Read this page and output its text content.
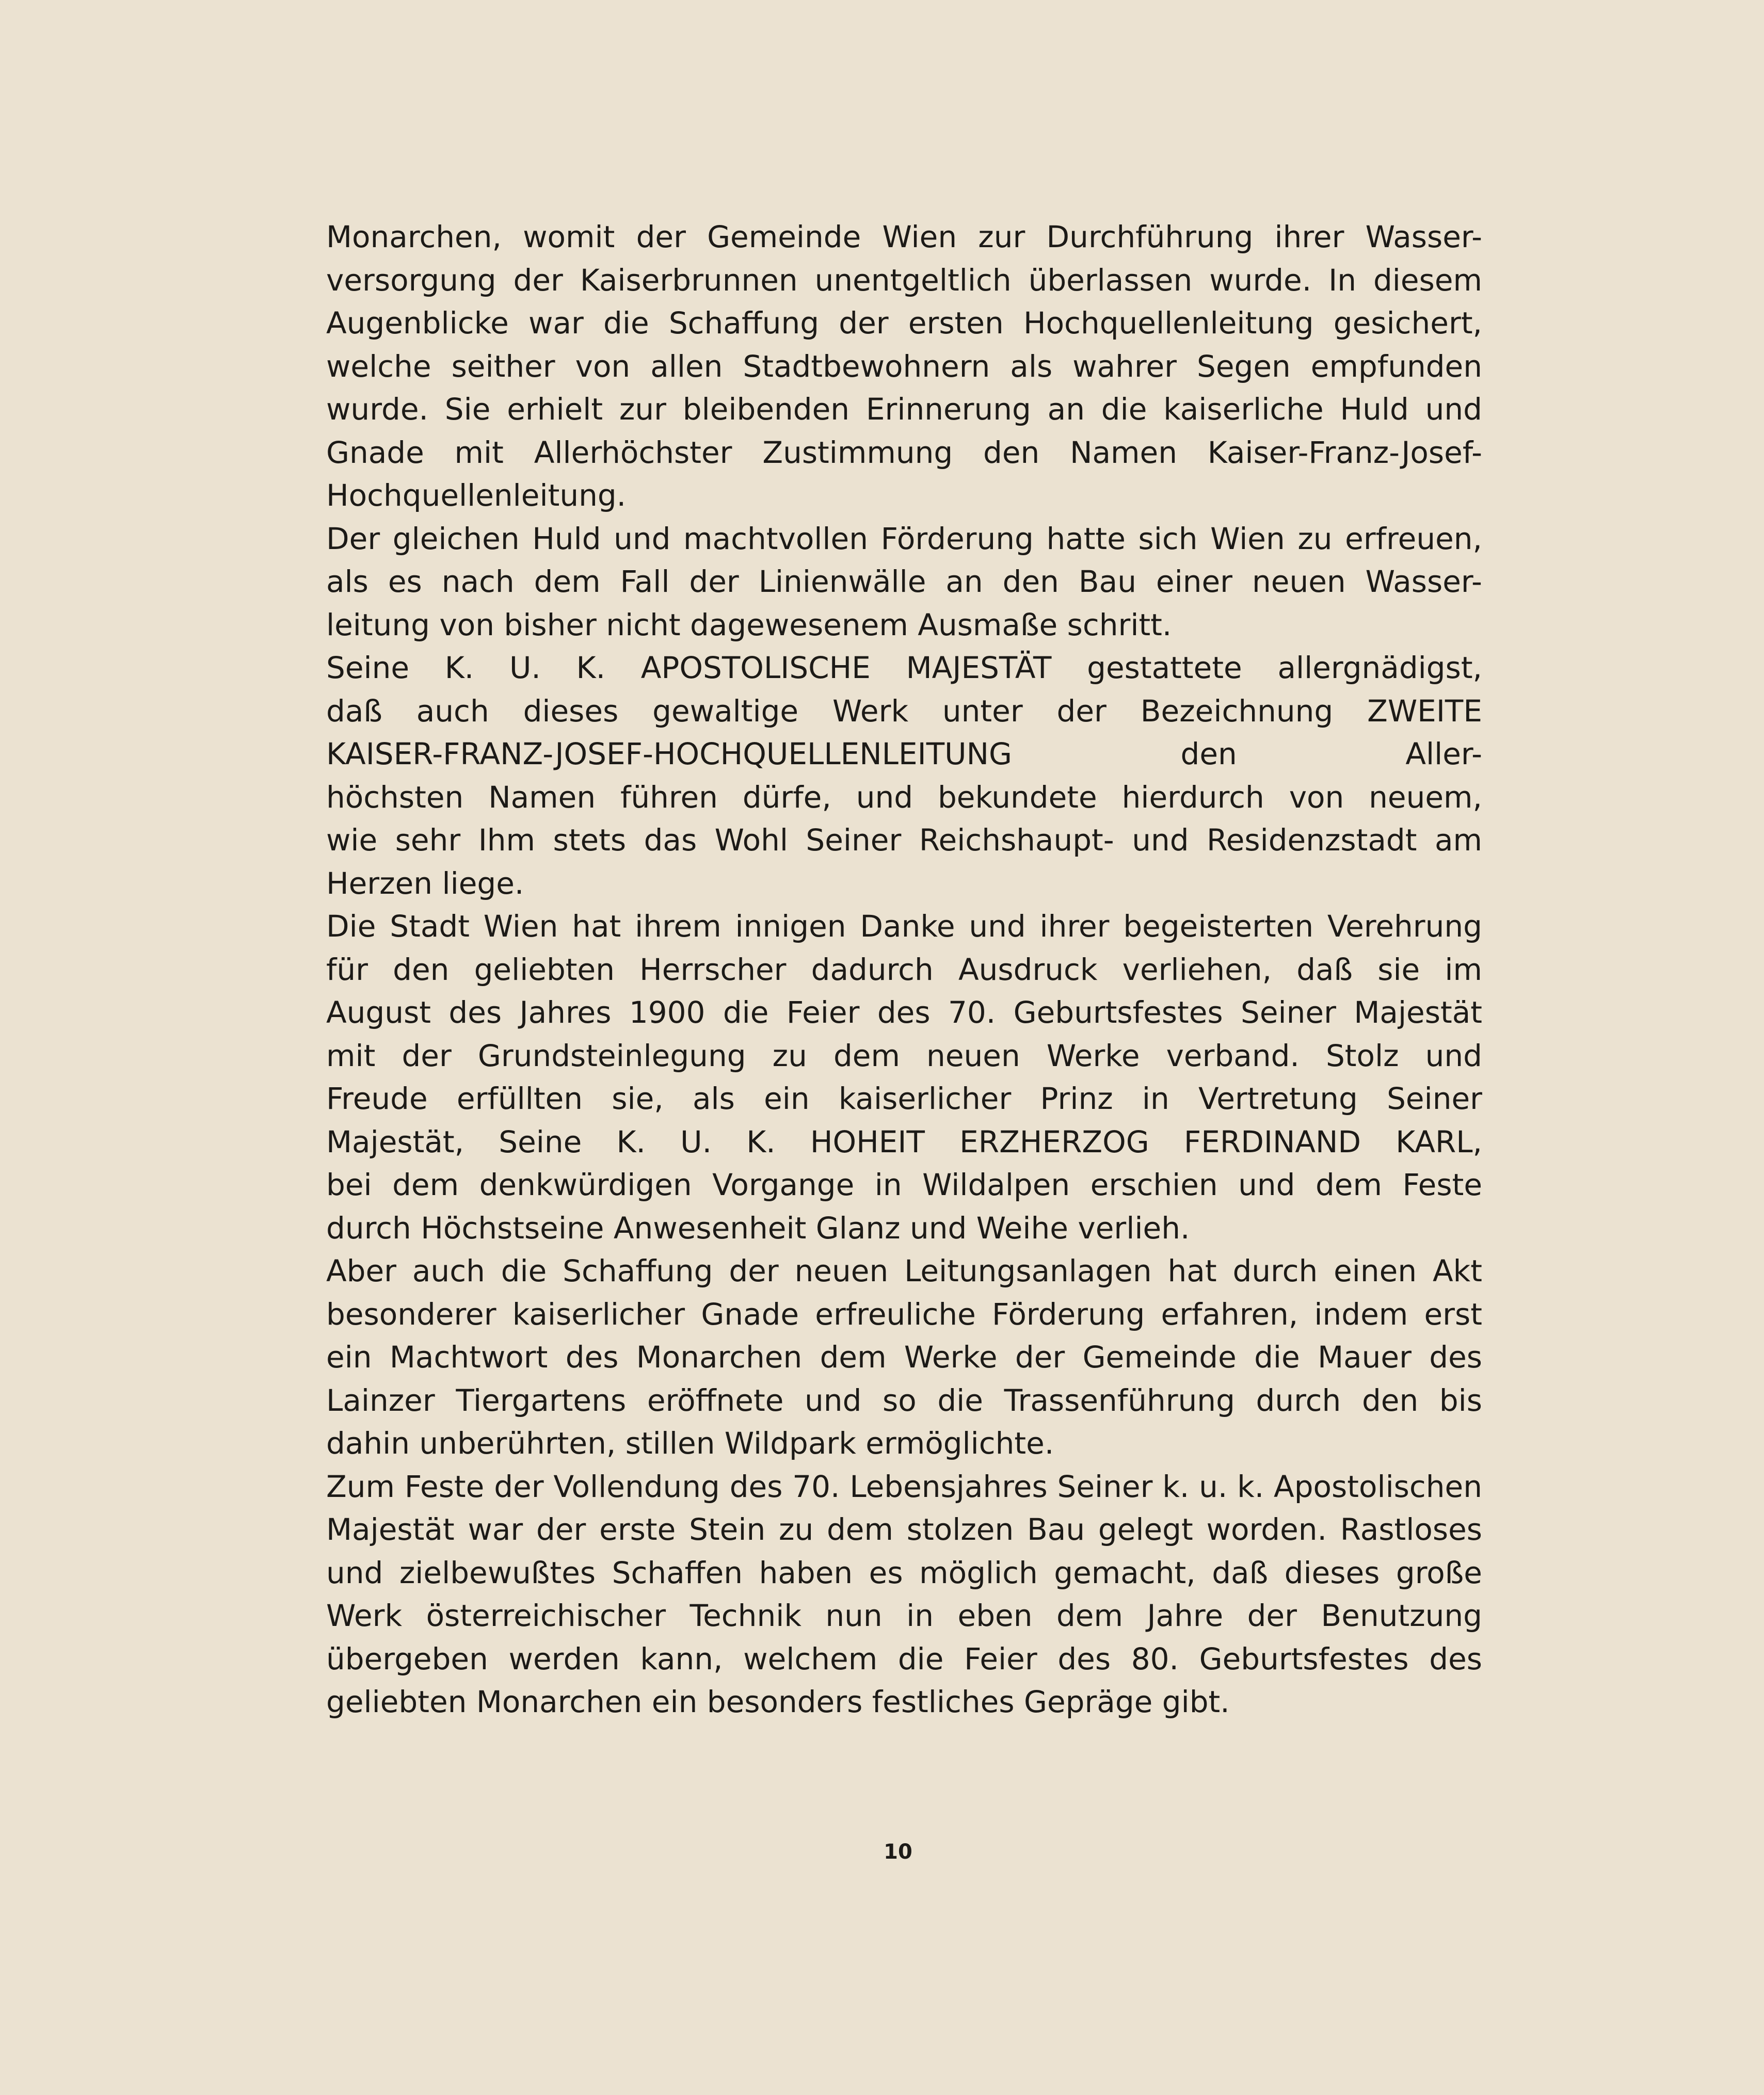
Monarchen, womit der Gemeinde Wien zur Durchführung ihrer Wasser-
versorgung der Kaiserbrunnen unentgeltlich überlassen wurde. In diesem
Augenblicke war die Schaffung der ersten Hochquellenleitung gesichert,
welche seither von allen Stadtbewohnern als wahrer Segen empfunden
wurde. Sie erhielt zur bleibenden Erinnerung an die kaiserliche Huld und
Gnade mit Allerhöchster Zustimmung den Namen Kaiser-Franz-Josef-
Hochquellenleitung.
Der gleichen Huld und machtvollen Förderung hatte sich Wien zu erfreuen,
als es nach dem Fall der Linienwälle an den Bau einer neuen Wasser-
leitung von bisher nicht dagewesenem Ausmaße schritt.
Seine K. U. K. APOSTOLISCHE MAJESTÄT gestattete allergnädigst,
daß auch dieses gewaltige Werk unter der Bezeichnung ZWEITE
KAISER-FRANZ-JOSEF-HOCHQUELLENLEITUNG den Aller-
höchsten Namen führen dürfe, und bekundete hierdurch von neuem,
wie sehr Ihm stets das Wohl Seiner Reichshaupt- und Residenzstadt am
Herzen liege.
Die Stadt Wien hat ihrem innigen Danke und ihrer begeisterten Verehrung
für den geliebten Herrscher dadurch Ausdruck verliehen, daß sie im
August des Jahres 1900 die Feier des 70. Geburtsfestes Seiner Majestät
mit der Grundsteinlegung zu dem neuen Werke verband. Stolz und
Freude erfüllten sie, als ein kaiserlicher Prinz in Vertretung Seiner
Majestät, Seine K. U. K. HOHEIT ERZHERZOG FERDINAND KARL,
bei dem denkwürdigen Vorgange in Wildalpen erschien und dem Feste
durch Höchstseine Anwesenheit Glanz und Weihe verlieh.
Aber auch die Schaffung der neuen Leitungsanlagen hat durch einen Akt
besonderer kaiserlicher Gnade erfreuliche Förderung erfahren, indem erst
ein Machtwort des Monarchen dem Werke der Gemeinde die Mauer des
Lainzer Tiergartens eröffnete und so die Trassenführung durch den bis
dahin unberührten, stillen Wildpark ermöglichte.
Zum Feste der Vollendung des 70. Lebensjahres Seiner k. u. k. Apostolischen
Majestät war der erste Stein zu dem stolzen Bau gelegt worden. Rastloses
und zielbewußtes Schaffen haben es möglich gemacht, daß dieses große
Werk österreichischer Technik nun in eben dem Jahre der Benutzung
übergeben werden kann, welchem die Feier des 80. Geburtsfestes des
geliebten Monarchen ein besonders festliches Gepräge gibt.
10
